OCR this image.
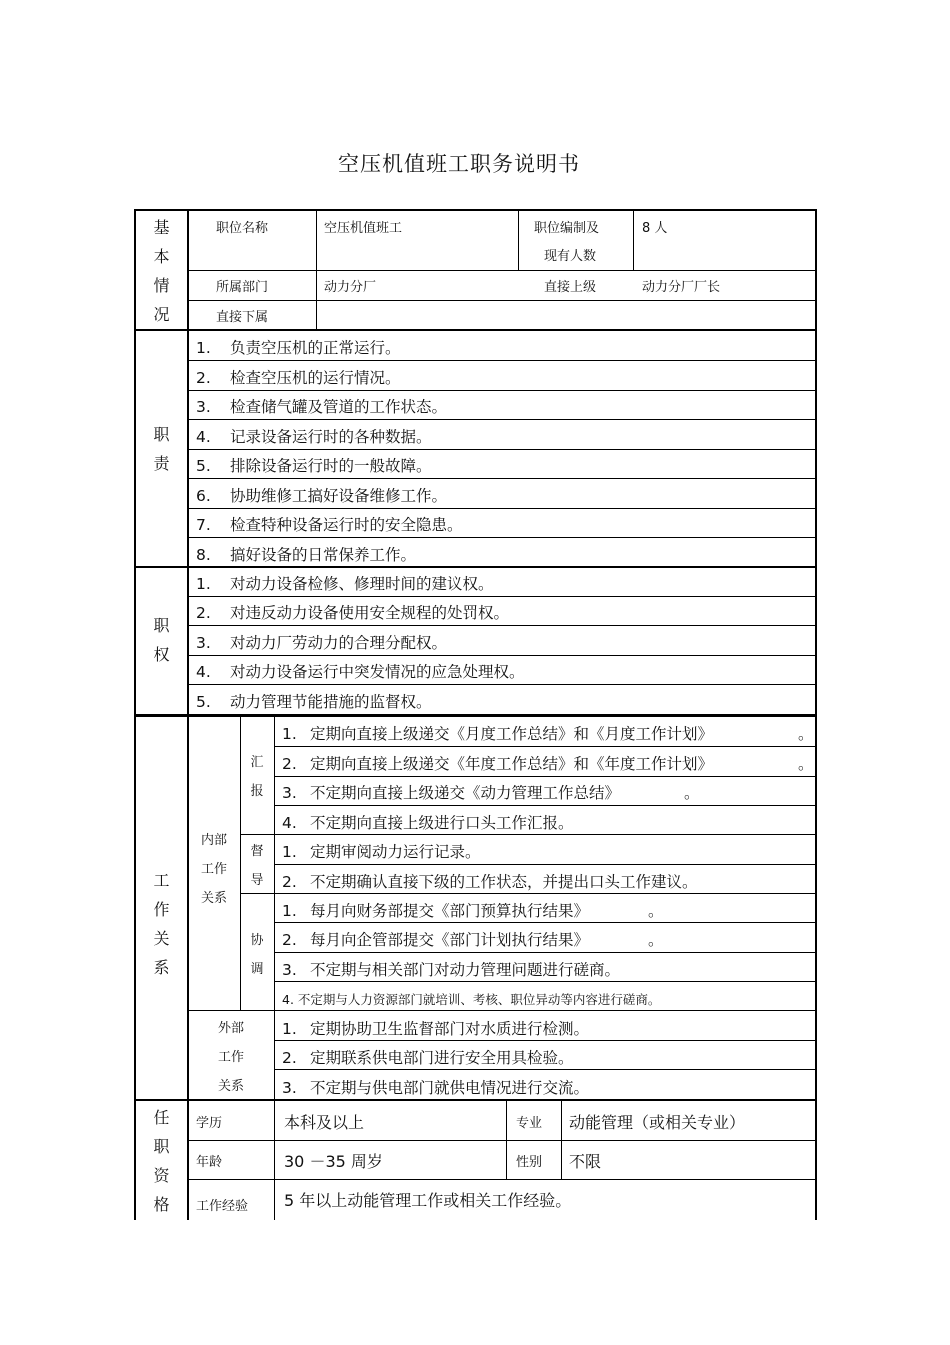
空压机值班工职务说明书
基
本
情
况
职位名称	空压机值班工	职位编制及
现有人数
8 人
所属部门	动力分厂	直接上级	动力分厂厂长
直接下属
职
责
1. 负责空压机的正常运行。
2. 检查空压机的运行情况。
3. 检查储气罐及管道的工作状态。
4. 记录设备运行时的各种数据。
5. 排除设备运行时的一般故障。
6. 协助维修工搞好设备维修工作。
7. 检查特种设备运行时的安全隐患。
8. 搞好设备的日常保养工作。
职
权
1. 对动力设备检修、修理时间的建议权。
2. 对违反动力设备使用安全规程的处罚权。
3. 对动力厂劳动力的合理分配权。
4. 对动力设备运行中突发情况的应急处理权。
5. 动力管理节能措施的监督权。
工
作
关
系
内部
工作
关系
汇
报
1. 定期向直接上级递交《月度工作总结》和《月度工作计划》	。
2. 定期向直接上级递交《年度工作总结》和《年度工作计划》	。
3. 不定期向直接上级递交《动力管理工作总结》	。
4. 不定期向直接上级进行口头工作汇报。
督
导
1. 定期审阅动力运行记录。
2. 不定期确认直接下级的工作状态，并提出口头工作建议。
协
调
1. 每月向财务部提交《部门预算执行结果》	。
2. 每月向企管部提交《部门计划执行结果》	。
3. 不定期与相关部门对动力管理问题进行磋商。
4. 不定期与人力资源部门就培训、考核、职位异动等内容进行磋商。
外部
工作
关系
1. 定期协助卫生监督部门对水质进行检测。
2. 定期联系供电部门进行安全用具检验。
3. 不定期与供电部门就供电情况进行交流。
任
职
资
格
学历	本科及以上	专业 动能管理（或相关专业）
年龄	30 －35 周岁	性别 不限
工作经验 5 年以上动能管理工作或相关工作经验。
